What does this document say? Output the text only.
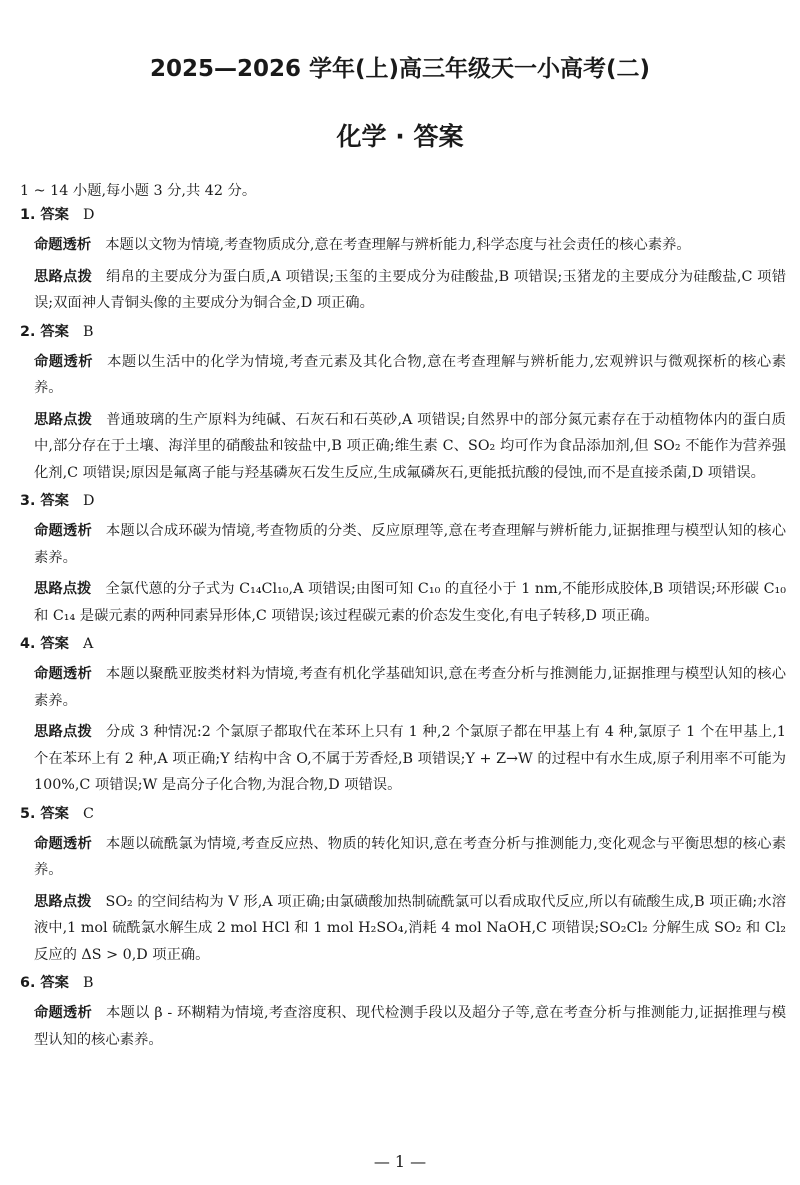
2025—2026 学年(上)高三年级天一小高考(二)
化学 · 答案
1 ~ 14 小题,每小题 3 分,共 42 分。
1. 答案 D
命题透析 本题以文物为情境,考查物质成分,意在考查理解与辨析能力,科学态度与社会责任的核心素养。
思路点拨 绢帛的主要成分为蛋白质,A 项错误;玉玺的主要成分为硅酸盐,B 项错误;玉猪龙的主要成分为硅酸盐,C 项错误;双面神人青铜头像的主要成分为铜合金,D 项正确。
2. 答案 B
命题透析 本题以生活中的化学为情境,考查元素及其化合物,意在考查理解与辨析能力,宏观辨识与微观探析的核心素养。
思路点拨 普通玻璃的生产原料为纯碱、石灰石和石英砂,A 项错误;自然界中的部分氮元素存在于动植物体内的蛋白质中,部分存在于土壤、海洋里的硝酸盐和铵盐中,B 项正确;维生素 C、SO₂ 均可作为食品添加剂,但 SO₂ 不能作为营养强化剂,C 项错误;原因是氟离子能与羟基磷灰石发生反应,生成氟磷灰石,更能抵抗酸的侵蚀,而不是直接杀菌,D 项错误。
3. 答案 D
命题透析 本题以合成环碳为情境,考查物质的分类、反应原理等,意在考查理解与辨析能力,证据推理与模型认知的核心素养。
思路点拨 全氯代蒽的分子式为 C₁₄Cl₁₀,A 项错误;由图可知 C₁₀ 的直径小于 1 nm,不能形成胶体,B 项错误;环形碳 C₁₀ 和 C₁₄ 是碳元素的两种同素异形体,C 项错误;该过程碳元素的价态发生变化,有电子转移,D 项正确。
4. 答案 A
命题透析 本题以聚酰亚胺类材料为情境,考查有机化学基础知识,意在考查分析与推测能力,证据推理与模型认知的核心素养。
思路点拨 分成 3 种情况:2 个氯原子都取代在苯环上只有 1 种,2 个氯原子都在甲基上有 4 种,氯原子 1 个在甲基上,1 个在苯环上有 2 种,A 项正确;Y 结构中含 O,不属于芳香烃,B 项错误;Y + Z→W 的过程中有水生成,原子利用率不可能为 100%,C 项错误;W 是高分子化合物,为混合物,D 项错误。
5. 答案 C
命题透析 本题以硫酰氯为情境,考查反应热、物质的转化知识,意在考查分析与推测能力,变化观念与平衡思想的核心素养。
思路点拨 SO₂ 的空间结构为 V 形,A 项正确;由氯磺酸加热制硫酰氯可以看成取代反应,所以有硫酸生成,B 项正确;水溶液中,1 mol 硫酰氯水解生成 2 mol HCl 和 1 mol H₂SO₄,消耗 4 mol NaOH,C 项错误;SO₂Cl₂ 分解生成 SO₂ 和 Cl₂ 反应的 ΔS > 0,D 项正确。
6. 答案 B
命题透析 本题以 β - 环糊精为情境,考查溶度积、现代检测手段以及超分子等,意在考查分析与推测能力,证据推理与模型认知的核心素养。
— 1 —
